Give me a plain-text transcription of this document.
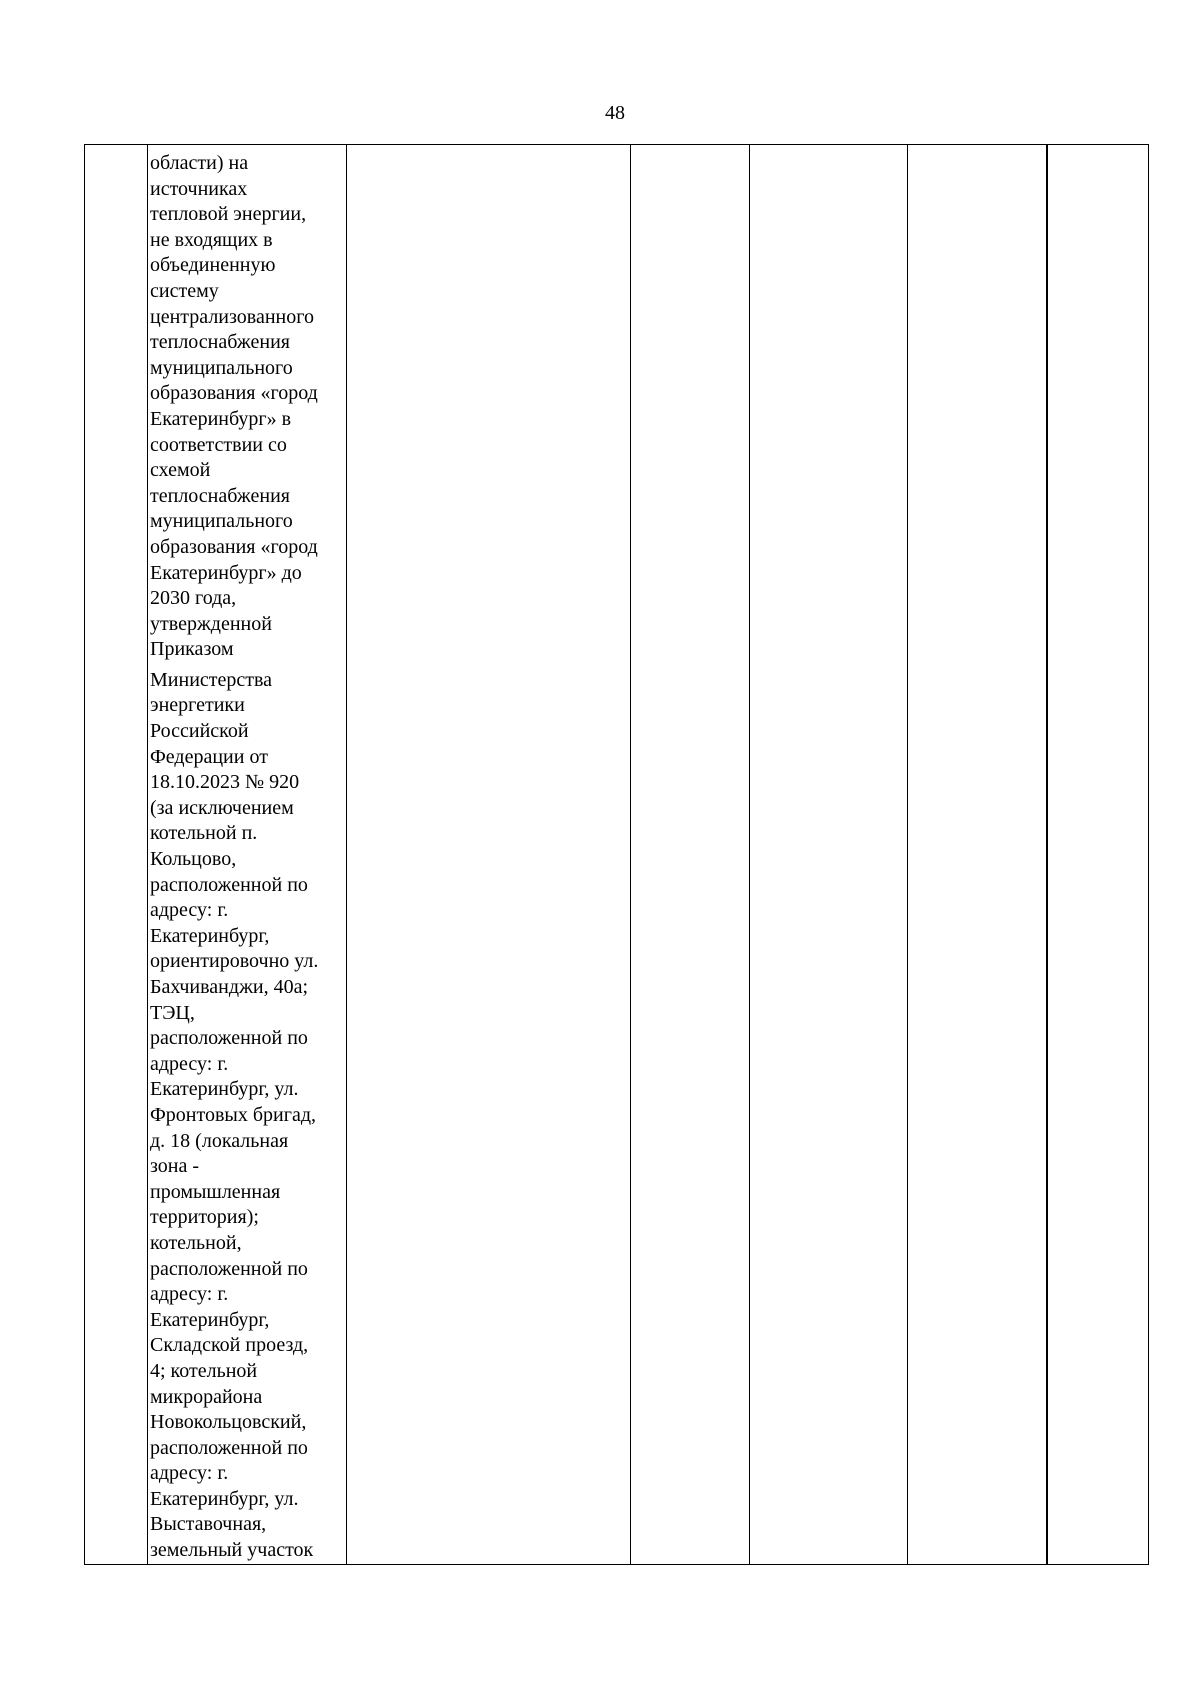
48

области) на
источниках
тепловой энергии,
не входящих в
объединенную
систему
централизованного
теплоснабжения
муниципального
образования «город
Екатеринбург» в
соответствии со
схемой
теплоснабжения
муниципального
образования «город
Екатеринбург» до
2030 года,
утвержденной
Приказом
Министерства
энергетики
Российской
Федерации от
18.10.2023 № 920
(за исключением
котельной п.
Кольцово,
расположенной по
адресу: г.
Екатеринбург,
ориентировочно ул.
Бахчиванджи, 40а;
ТЭЦ,
расположенной по
адресу: г.
Екатеринбург, ул.
Фронтовых бригад,
д. 18 (локальная
зона -
промышленная
территория);
котельной,
расположенной по
адресу: г.
Екатеринбург,
Складской проезд,
4; котельной
микрорайона
Новокольцовский,
расположенной по
адресу: г.
Екатеринбург, ул.
Выставочная,
земельный участок
